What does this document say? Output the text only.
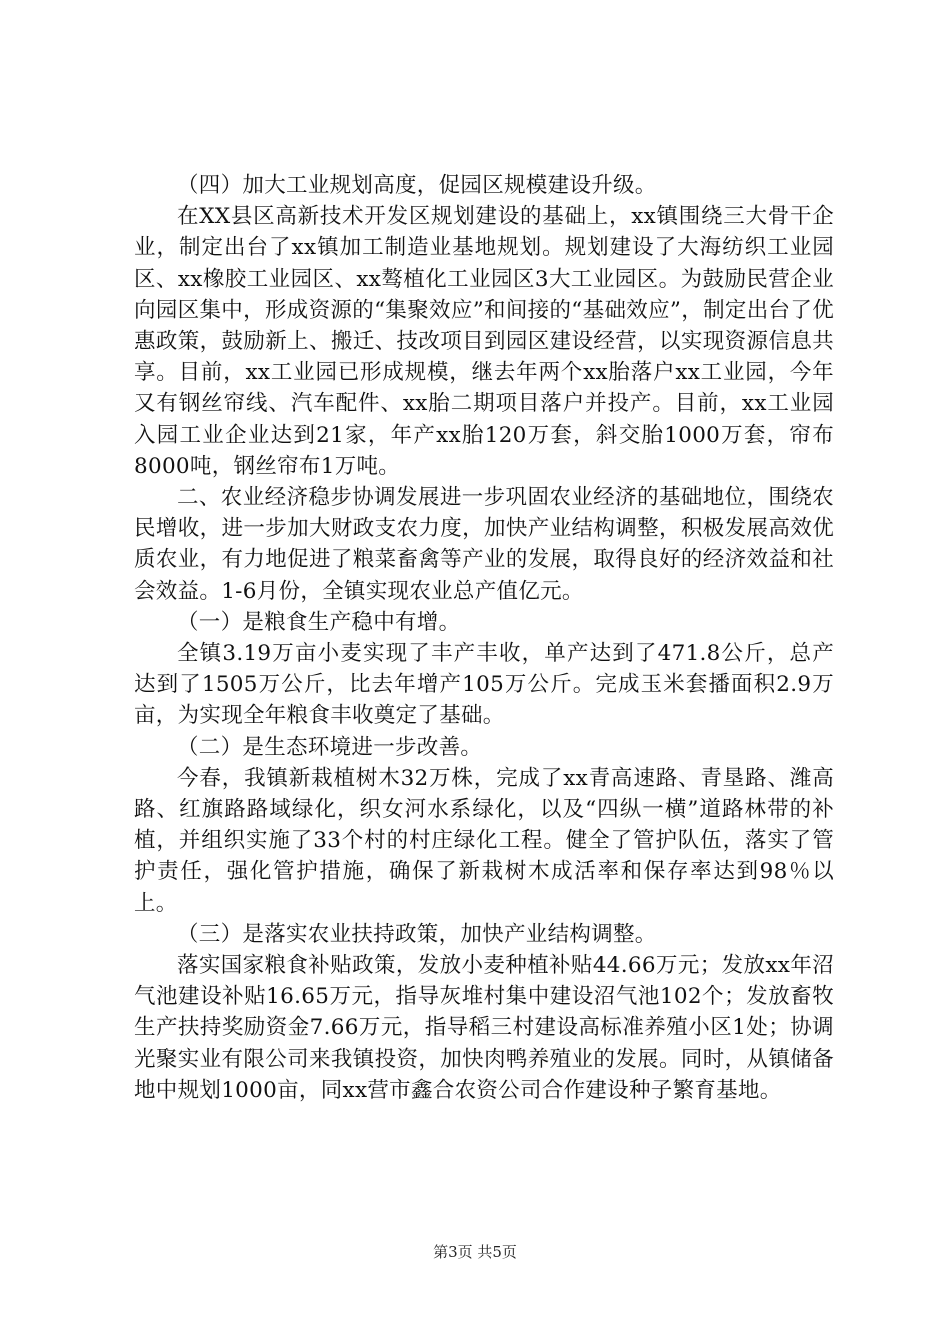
（四）加大工业规划高度，促园区规模建设升级。

在XX县区高新技术开发区规划建设的基础上，xx镇围绕三大骨干企业，制定出台了xx镇加工制造业基地规划。规划建设了大海纺织工业园区、xx橡胶工业园区、xx骜植化工业园区3大工业园区。为鼓励民营企业向园区集中，形成资源的“集聚效应”和间接的“基础效应”，制定出台了优惠政策，鼓励新上、搬迁、技改项目到园区建设经营，以实现资源信息共享。目前，xx工业园已形成规模，继去年两个xx胎落户xx工业园，今年又有钢丝帘线、汽车配件、xx胎二期项目落户并投产。目前，xx工业园入园工业企业达到21家，年产xx胎120万套，斜交胎1000万套，帘布8000吨，钢丝帘布1万吨。

二、农业经济稳步协调发展进一步巩固农业经济的基础地位，围绕农民增收，进一步加大财政支农力度，加快产业结构调整，积极发展高效优质农业，有力地促进了粮菜畜禽等产业的发展，取得良好的经济效益和社会效益。1-6月份，全镇实现农业总产值亿元。

（一）是粮食生产稳中有增。

全镇3.19万亩小麦实现了丰产丰收，单产达到了471.8公斤，总产达到了1505万公斤，比去年增产105万公斤。完成玉米套播面积2.9万亩，为实现全年粮食丰收奠定了基础。

（二）是生态环境进一步改善。

今春，我镇新栽植树木32万株，完成了xx青高速路、青垦路、潍高路、红旗路路域绿化，织女河水系绿化，以及“四纵一横”道路林带的补植，并组织实施了33个村的村庄绿化工程。健全了管护队伍，落实了管护责任，强化管护措施，确保了新栽树木成活率和保存率达到98％以上。

（三）是落实农业扶持政策，加快产业结构调整。

落实国家粮食补贴政策，发放小麦种植补贴44.66万元；发放xx年沼气池建设补贴16.65万元，指导灰堆村集中建设沼气池102个；发放畜牧生产扶持奖励资金7.66万元，指导稻三村建设高标准养殖小区1处；协调光聚实业有限公司来我镇投资，加快肉鸭养殖业的发展。同时，从镇储备地中规划1000亩，同xx营市鑫合农资公司合作建设种子繁育基地。

第3页 共5页
